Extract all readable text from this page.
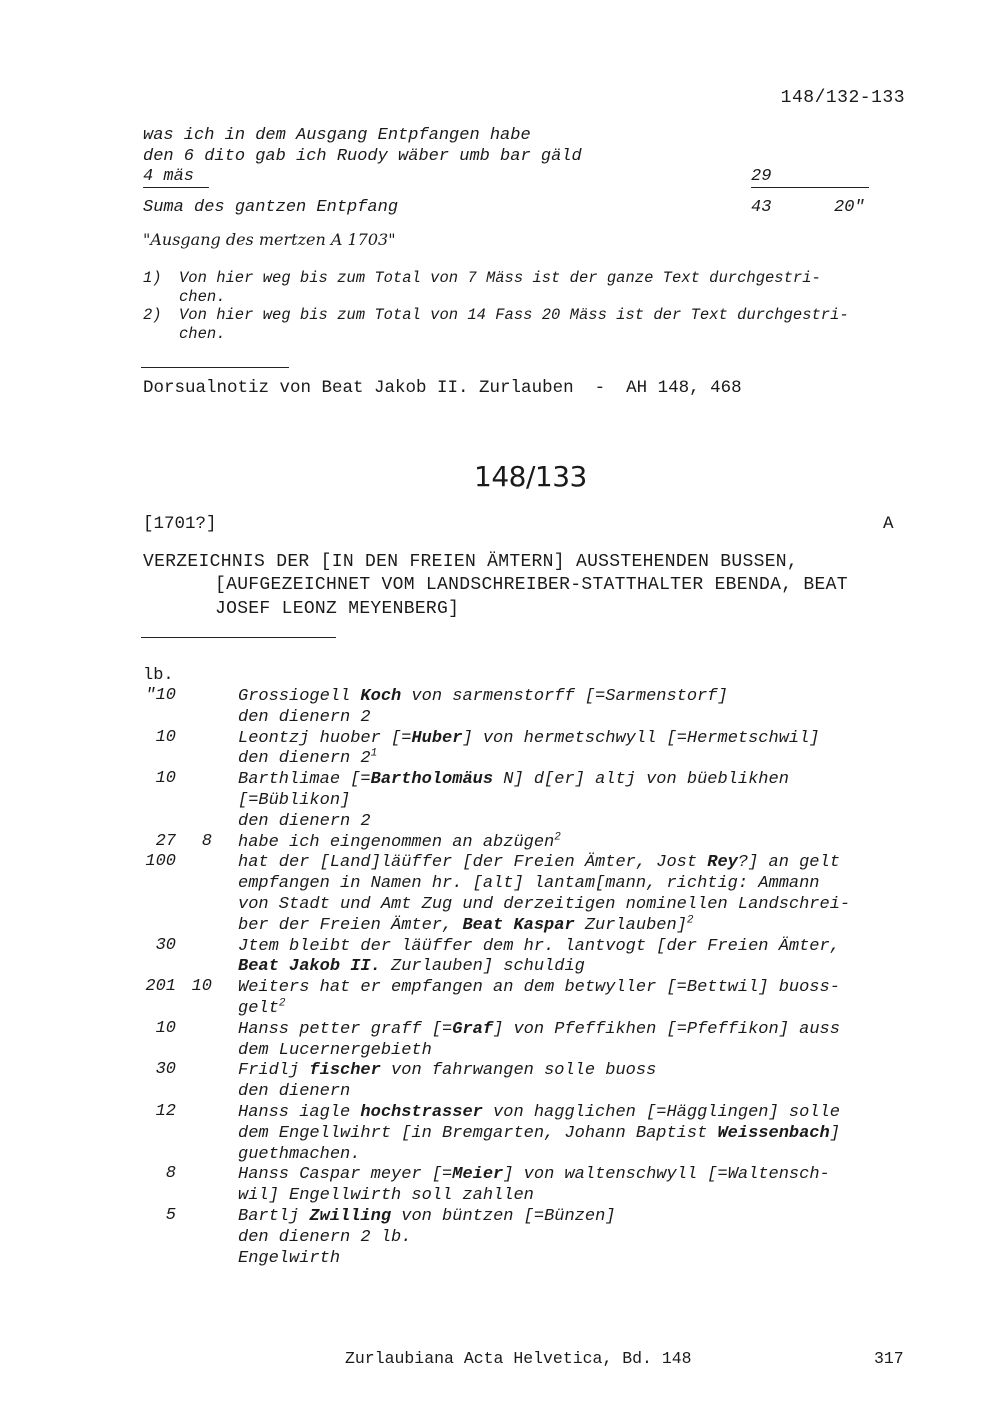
148/132-133
was ich in dem Ausgang Entpfangen habe
den 6 dito gab ich Ruody wäber umb bar gäld
4 mäs	29
Suma des gantzen Entpfang	43	20"
"Ausgang des mertzen A 1703"
1) Von hier weg bis zum Total von 7 Mäss ist der ganze Text durchgestri-
chen.
2) Von hier weg bis zum Total von 14 Fass 20 Mäss ist der Text durchgestri-
chen.
Dorsualnotiz von Beat Jakob II. Zurlauben  -  AH 148, 468
148/133
[1701?]	A
VERZEICHNIS DER [IN DEN FREIEN ÄMTERN] AUSSTEHENDEN BUSSEN,
[AUFGEZEICHNET VOM LANDSCHREIBER-STATTHALTER EBENDA, BEAT
JOSEF LEONZ MEYENBERG]
lb.
"10	Grossiogell Koch von sarmenstorff [=Sarmenstorf]
den dienern 2
10	Leontzj huober [=Huber] von hermetschwyll [=Hermetschwil]
den dienern $2^1$
10	Barthlimae [=Bartholomäus N] d[er] altj von büeblikhen
[=Büblikon]
den dienern 2
27	8 habe ich eingenommen an abzügen$^2$
100	hat der [Land]läüffer [der Freien Ämter, Jost Rey?] an gelt
empfangen in Namen hr. [alt] lantam[mann, richtig: Ammann
von Stadt und Amt Zug und derzeitigen nominellen Landschrei-
ber der Freien Ämter, Beat Kaspar Zurlauben]$^2$
30	Jtem bleibt der läüffer dem hr. lantvogt [der Freien Ämter,
Beat Jakob II. Zurlauben] schuldig
201 10 Weiters hat er empfangen an dem betwyller [=Bettwil] buoss-
gelt$^2$
10	Hanss petter graff [=Graf] von Pfeffikhen [=Pfeffikon] auss
dem Lucernergebieth
30	Fridlj fischer von fahrwangen solle buoss
den dienern
12	Hanss iagle hochstrasser von hagglichen [=Hägglingen] solle
dem Engellwihrt [in Bremgarten, Johann Baptist Weissenbach]
guethmachen.
8	Hanss Caspar meyer [=Meier] von waltenschwyll [=Waltensch-
wil] Engellwirth soll zahllen
5	Bartlj Zwilling von büntzen [=Bünzen]
den dienern 2 lb.
Engelwirth
Zurlaubiana Acta Helvetica, Bd. 148	317
